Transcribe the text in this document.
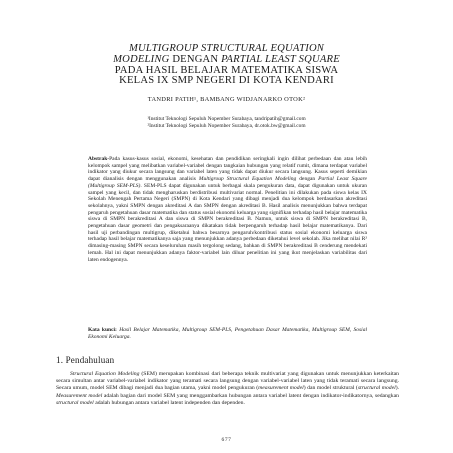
MULTIGROUP STRUCTURAL EQUATION
MODELING DENGAN PARTIAL LEAST SQUARE
PADA HASIL BELAJAR MATEMATIKA SISWA
KELAS IX SMP NEGERI DI KOTA KENDARI
TANDRI PATIH¹, BAMBANG WIDJANARKO OTOK²
¹Institut Teknologi Sepuluh Nopember Surabaya, tandripatih@gmail.com
²Institut Teknologi Sepuluh Nopember Surabaya, dr.otok.bw@gmail.com
Abstrak-Pada kasus-kasus sosial, ekonomi, kesehatan dan pendidikan seringkali ingin dilihat perbedaan dan atau lebih kelompok sampel yang melibatkan variabel-variabel dengan tangkaian hubungan yang relatif rumit, dimana terdapat variabel indikator yang diukur secara langsung dan variabel laten yang tidak dapat diukur secara langsung. Kasus seperti demikian dapat dianalisis dengan menggunakan analisis Multigroup Structural Equation Modeling dengan Partial Least Square (Multigroup SEM-PLS). SEM-PLS dapat digunakan untuk berbagai skala pengukuran data, dapat digunakan untuk ukuran sampel yang kecil, dan tidak mengharuskan berdistribusi multivariat normal. Penelitian ini dilakukan pada siswa kelas IX Sekolah Menengah Pertama Negeri (SMPN) di Kota Kendari yang dibagi menjadi dua kelompok berdasarkan akreditasi sekolahnya, yakni SMPN dengan akreditasi A dan SMPN dengan akreditasi B. Hasil analisis menunjukkan bahwa terdapat pengaruh pengetahuan dasar matematika dan status sosial ekonomi keluarga yang signifikan terhadap hasil belajar matematika siswa di SMPN berakreditasi A dan siswa di SMPN berakreditasi B. Namun, untuk siswa di SMPN berakreditasi B, pengetahuan dasar geometri dan pengaksaraanya dikatakan tidak berpengaruh terhadap hasil belajar matematikanya. Dari hasil uji perbandingan multigrup, diketahui bahwa besarnya pengaruh/kontribusi status sosial ekonomi keluarga siswa terhadap hasil belajar matematikanya saja yang menunjukkan adanya perbedaan diketahui level sekolah. Jika melihat nilai R² dimasing-masing SMPN secara keseluruhan masih tergolong sedang, bahkan di SMPN berakreditasi B cenderung mendekati lemah. Hal ini dapat menunjukkan adanya faktor-variabel lain diluar penelitian ini yang ikut menjelaskan variabilitas dari laten endogennya.
Kata kunci: Hasil Belajar Matematika, Multigroup SEM-PLS, Pengetahuan Dasar Matematika, Multigroup SEM, Sosial Ekonomi Keluarga.
1. Pendahuluan
Structural Equation Modeling (SEM) merupakan kombinasi dari beberapa teknik multivariat yang digunakan untuk menunjukkan keterkaitan secara simultan antar variabel-variabel indikator yang teramati secara langsung dengan variabel-variabel laten yang tidak teramati secara langsung. Secara umum, model SEM dibagi menjadi dua bagian utama, yakni model pengukuran (measurement model) dan model struktural (structural model). Measurement model adalah bagian dari model SEM yang menggambarkan hubungan antara variabel latent dengan indikator-indikatornya, sedangkan structural model adalah hubungan antara variabel latent independen dan dependen.
677
